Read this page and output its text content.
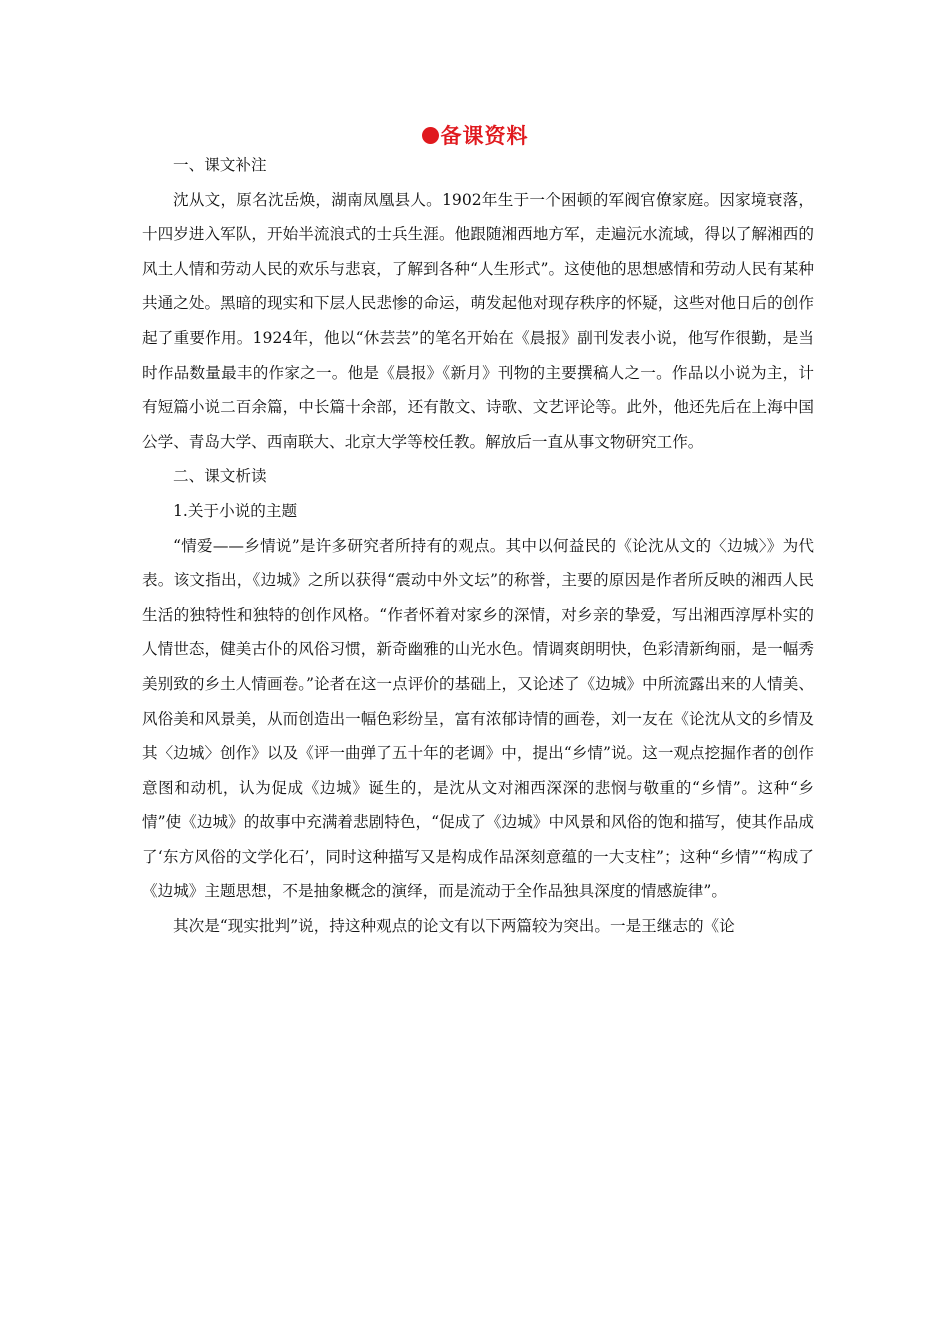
备课资料

一、课文补注

沈从文，原名沈岳焕，湖南凤凰县人。1902年生于一个困顿的军阀官僚家庭。因家境衰落，十四岁进入军队，开始半流浪式的士兵生涯。他跟随湘西地方军，走遍沅水流域，得以了解湘西的风土人情和劳动人民的欢乐与悲哀，了解到各种“人生形式”。这使他的思想感情和劳动人民有某种共通之处。黑暗的现实和下层人民悲惨的命运，萌发起他对现存秩序的怀疑，这些对他日后的创作起了重要作用。1924年，他以“休芸芸”的笔名开始在《晨报》副刊发表小说，他写作很勤，是当时作品数量最丰的作家之一。他是《晨报》《新月》刊物的主要撰稿人之一。作品以小说为主，计有短篇小说二百余篇，中长篇十余部，还有散文、诗歌、文艺评论等。此外，他还先后在上海中国公学、青岛大学、西南联大、北京大学等校任教。解放后一直从事文物研究工作。

二、课文析读

1.关于小说的主题

“情爱——乡情说”是许多研究者所持有的观点。其中以何益民的《论沈从文的〈边城〉》为代表。该文指出，《边城》之所以获得“震动中外文坛”的称誉，主要的原因是作者所反映的湘西人民生活的独特性和独特的创作风格。“作者怀着对家乡的深情，对乡亲的挚爱，写出湘西淳厚朴实的人情世态，健美古仆的风俗习惯，新奇幽雅的山光水色。情调爽朗明快，色彩清新绚丽，是一幅秀美别致的乡土人情画卷。”论者在这一点评价的基础上，又论述了《边城》中所流露出来的人情美、风俗美和风景美，从而创造出一幅色彩纷呈，富有浓郁诗情的画卷，刘一友在《论沈从文的乡情及其〈边城〉创作》以及《评一曲弹了五十年的老调》中，提出“乡情”说。这一观点挖掘作者的创作意图和动机，认为促成《边城》诞生的，是沈从文对湘西深深的悲悯与敬重的“乡情”。这种“乡情”使《边城》的故事中充满着悲剧特色，“促成了《边城》中风景和风俗的饱和描写，使其作品成了‘东方风俗的文学化石’，同时这种描写又是构成作品深刻意蕴的一大支柱”；这种“乡情”“构成了《边城》主题思想，不是抽象概念的演绎，而是流动于全作品独具深度的情感旋律”。

其次是“现实批判”说，持这种观点的论文有以下两篇较为突出。一是王继志的《论
